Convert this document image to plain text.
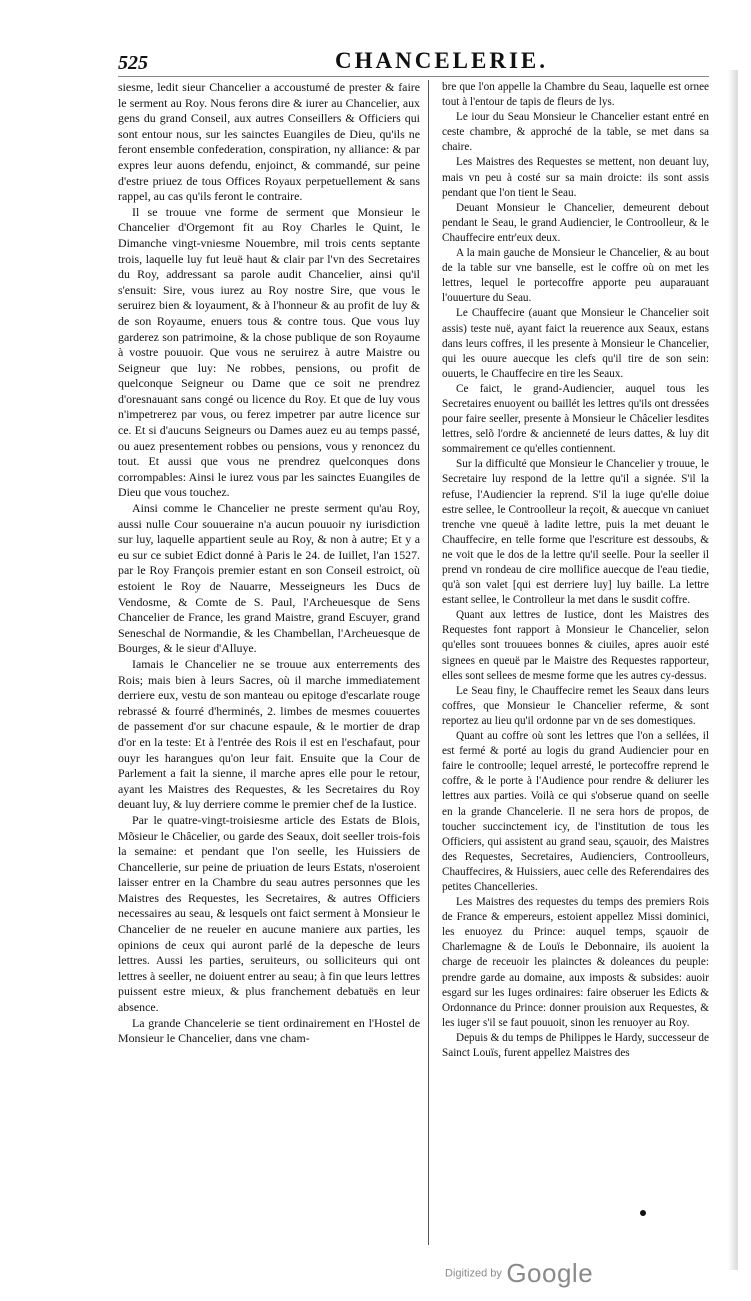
525	CHANCELERIE.

siesme, ledit sieur Chancelier a accoustumé de prester & faire le serment au Roy. Nous ferons dire & iurer au Chancelier, aux gens du grand Conseil, aux autres Conseillers & Officiers qui sont entour nous, sur les sainctes Euangiles de Dieu, qu'ils ne feront ensemble confederation, conspiration, ny alliance: & par expres leur auons defendu, enjoinct, & commandé, sur peine d'estre priuez de tous Offices Royaux perpetuellement & sans rappel, au cas qu'ils feront le contraire.

Il se trouue vne forme de serment que Monsieur le Chancelier d'Orgemont fit au Roy Charles le Quint, le Dimanche vingt-vniesme Nouembre, mil trois cents septante trois, laquelle luy fut leuë haut & clair par l'vn des Secretaires du Roy, addressant sa parole audit Chancelier, ainsi qu'il s'ensuit: Sire, vous iurez au Roy nostre Sire, que vous le seruirez bien & loyaument, & à l'honneur & au profit de luy & de son Royaume, enuers tous & contre tous. Que vous luy garderez son patrimoine, & la chose publique de son Royaume à vostre pouuoir. Que vous ne seruirez à autre Maistre ou Seigneur que luy: Ne robbes, pensions, ou profit de quelconque Seigneur ou Dame que ce soit ne prendrez d'oresnauant sans congé ou licence du Roy. Et que de luy vous n'impetrerez par vous, ou ferez impetrer par autre licence sur ce. Et si d'aucuns Seigneurs ou Dames auez eu au temps passé, ou auez presentement robbes ou pensions, vous y renoncez du tout. Et aussi que vous ne prendrez quelconques dons corrompables: Ainsi le iurez vous par les sainctes Euangiles de Dieu que vous touchez.

Ainsi comme le Chancelier ne preste serment qu'au Roy, aussi nulle Cour souueraine n'a aucun pouuoir ny iurisdiction sur luy, laquelle appartient seule au Roy, & non à autre; Et y a eu sur ce subiet Edict donné à Paris le 24. de Iuillet, l'an 1527. par le Roy François premier estant en son Conseil estroict, où estoient le Roy de Nauarre, Messeigneurs les Ducs de Vendosme, & Comte de S. Paul, l'Archeuesque de Sens Chancelier de France, les grand Maistre, grand Escuyer, grand Seneschal de Normandie, & les Chambellan, l'Archeuesque de Bourges, & le sieur d'Alluye.

Iamais le Chancelier ne se trouue aux enterrements des Rois; mais bien à leurs Sacres, où il marche immediatement derriere eux, vestu de son manteau ou epitoge d'escarlate rouge rebrassé & fourré d'herminés, 2. limbes de mesmes couuertes de passement d'or sur chacune espaule, & le mortier de drap d'or en la teste: Et à l'entrée des Rois il est en l'eschafaut, pour ouyr les harangues qu'on leur fait. Ensuite que la Cour de Parlement a fait la sienne, il marche apres elle pour le retour, ayant les Maistres des Requestes, & les Secretaires du Roy deuant luy, & luy derriere comme le premier chef de la Iustice.

Par le quatre-vingt-troisiesme article des Estats de Blois, Mõsieur le Châcelier, ou garde des Seaux, doit seeller trois-fois la semaine: et pendant que l'on seelle, les Huissiers de Chancellerie, sur peine de priuation de leurs Estats, n'oseroient laisser entrer en la Chambre du seau autres personnes que les Maistres des Requestes, les Secretaires, & autres Officiers necessaires au seau, & lesquels ont faict serment à Monsieur le Chancelier de ne reueler en aucune maniere aux parties, les opinions de ceux qui auront parlé de la depesche de leurs lettres. Aussi les parties, seruiteurs, ou solliciteurs qui ont lettres à seeller, ne doiuent entrer au seau; à fin que leurs lettres puissent estre mieux, & plus franchement debatuës en leur absence.

La grande Chancelerie se tient ordinairement en l'Hostel de Monsieur le Chancelier, dans vne cham-

bre que l'on appelle la Chambre du Seau, laquelle est ornee tout à l'entour de tapis de fleurs de lys.

Le iour du Seau Monsieur le Chancelier estant entré en ceste chambre, & approché de la table, se met dans sa chaire.

Les Maistres des Requestes se mettent, non deuant luy, mais vn peu à costé sur sa main droicte: ils sont assis pendant que l'on tient le Seau.

Deuant Monsieur le Chancelier, demeurent debout pendant le Seau, le grand Audiencier, le Controolleur, & le Chauffecire entr'eux deux.

A la main gauche de Monsieur le Chancelier, & au bout de la table sur vne banselle, est le coffre où on met les lettres, lequel le portecoffre apporte peu auparauant l'ouuerture du Seau.

Le Chauffecire (auant que Monsieur le Chancelier soit assis) teste nuë, ayant faict la reuerence aux Seaux, estans dans leurs coffres, il les presente à Monsieur le Chancelier, qui les ouure auecque les clefs qu'il tire de son sein: ouuerts, le Chauffecire en tire les Seaux.

Ce faict, le grand-Audiencier, auquel tous les Secretaires enuoyent ou baillét les lettres qu'ils ont dressées pour faire seeller, presente à Monsieur le Châcelier lesdites lettres, selõ l'ordre & ancienneté de leurs dattes, & luy dit sommairement ce qu'elles contiennent.

Sur la difficulté que Monsieur le Chancelier y trouue, le Secretaire luy respond de la lettre qu'il a signée. S'il la refuse, l'Audiencier la reprend. S'il la iuge qu'elle doiue estre sellee, le Controolleur la reçoit, & auecque vn caniuet trenche vne queuë à ladite lettre, puis la met deuant le Chauffecire, en telle forme que l'escriture est dessoubs, & ne voit que le dos de la lettre qu'il seelle. Pour la seeller il prend vn rondeau de cire mollifice auecque de l'eau tiedie, qu'à son valet [qui est derriere luy] luy baille. La lettre estant sellee, le Controlleur la met dans le susdit coffre.

Quant aux lettres de Iustice, dont les Maistres des Requestes font rapport à Monsieur le Chancelier, selon qu'elles sont trouuees bonnes & ciuiles, apres auoir esté signees en queuë par le Maistre des Requestes rapporteur, elles sont sellees de mesme forme que les autres cy-dessus.

Le Seau finy, le Chauffecire remet les Seaux dans leurs coffres, que Monsieur le Chancelier referme, & sont reportez au lieu qu'il ordonne par vn de ses domestiques.

Quant au coffre où sont les lettres que l'on a sellées, il est fermé & porté au logis du grand Audiencier pour en faire le controolle; lequel arresté, le portecoffre reprend le coffre, & le porte à l'Audience pour rendre & deliurer les lettres aux parties. Voilà ce qui s'obserue quand on seelle en la grande Chancelerie. Il ne sera hors de propos, de toucher succinctement icy, de l'institution de tous les Officiers, qui assistent au grand seau, sçauoir, des Maistres des Requestes, Secretaires, Audienciers, Controolleurs, Chauffecires, & Huissiers, auec celle des Referendaires des petites Chancelleries.

Les Maistres des requestes du temps des premiers Rois de France & empereurs, estoient appellez Missi dominici, les enuoyez du Prince: auquel temps, sçauoir de Charlemagne & de Louïs le Debonnaire, ils auoient la charge de receuoir les plainctes & doleances du peuple: prendre garde au domaine, aux imposts & subsides: auoir esgard sur les Iuges ordinaires: faire obseruer les Edicts & Ordonnance du Prince: donner prouision aux Requestes, & les iuger s'il se faut pouuoit, sinon les renuoyer au Roy.

Depuis & du temps de Philippes le Hardy, successeur de Sainct Louïs, furent appellez Maistres des

Digitized by Google
